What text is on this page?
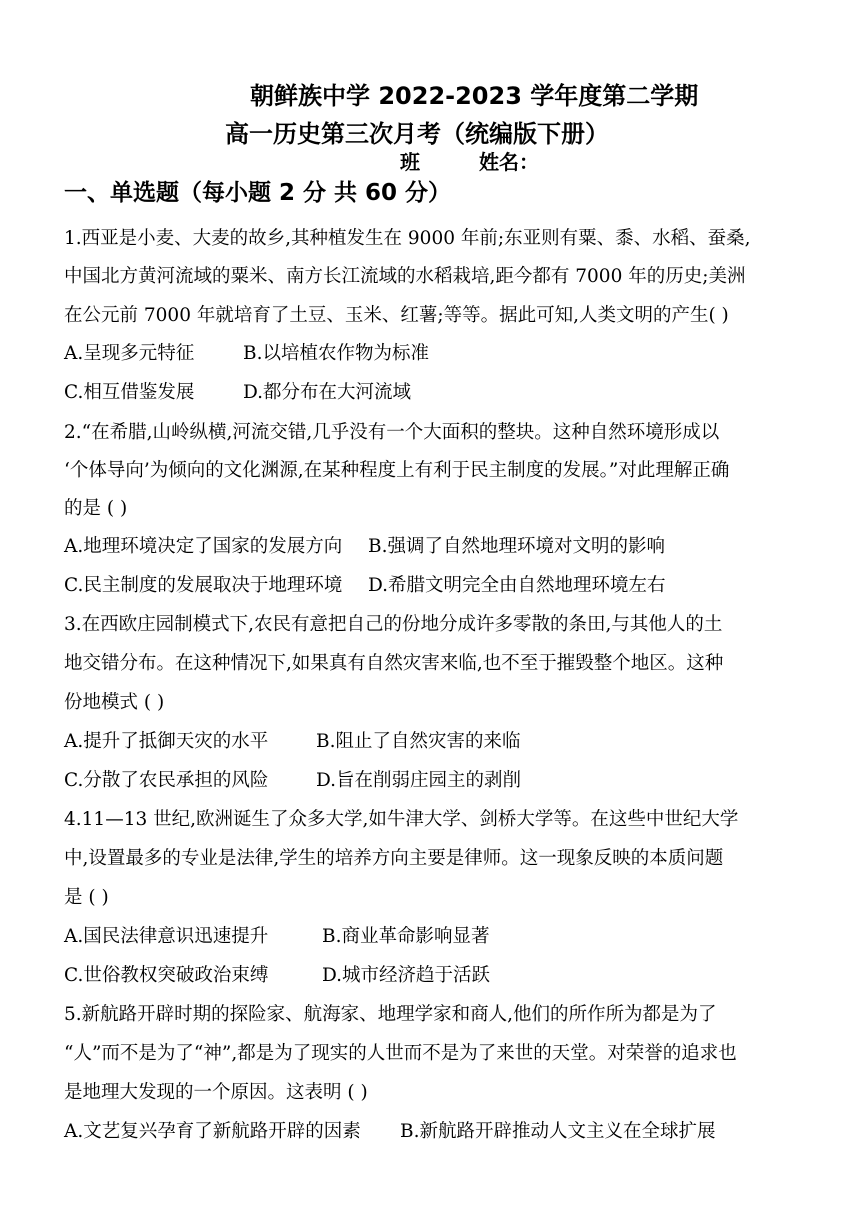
朝鲜族中学 2022-2023 学年度第二学期
高一历史第三次月考（统编版下册）
班	姓名：
一、单选题（每小题 2 分 共 60 分）
1.西亚是小麦、大麦的故乡,其种植发生在 9000 年前;东亚则有粟、黍、水稻、蚕桑,
中国北方黄河流域的粟米、南方长江流域的水稻栽培,距今都有 7000 年的历史;美洲
在公元前 7000 年就培育了土豆、玉米、红薯;等等。据此可知,人类文明的产生( )
A.呈现多元特征	B.以培植农作物为标准
C.相互借鉴发展	D.都分布在大河流域
2.“在希腊,山岭纵横,河流交错,几乎没有一个大面积的整块。这种自然环境形成以
‘个体导向’为倾向的文化渊源,在某种程度上有利于民主制度的发展。”对此理解正确
的是 ( )
A.地理环境决定了国家的发展方向 B.强调了自然地理环境对文明的影响
C.民主制度的发展取决于地理环境 D.希腊文明完全由自然地理环境左右
3.在西欧庄园制模式下,农民有意把自己的份地分成许多零散的条田,与其他人的土
地交错分布。在这种情况下,如果真有自然灾害来临,也不至于摧毁整个地区。这种
份地模式 ( )
A.提升了抵御天灾的水平	B.阻止了自然灾害的来临
C.分散了农民承担的风险	D.旨在削弱庄园主的剥削
4.11—13 世纪,欧洲诞生了众多大学,如牛津大学、剑桥大学等。在这些中世纪大学
中,设置最多的专业是法律,学生的培养方向主要是律师。这一现象反映的本质问题
是 ( )
A.国民法律意识迅速提升	B.商业革命影响显著
C.世俗教权突破政治束缚	D.城市经济趋于活跃
5.新航路开辟时期的探险家、航海家、地理学家和商人,他们的所作所为都是为了
“人”而不是为了“神”,都是为了现实的人世而不是为了来世的天堂。对荣誉的追求也
是地理大发现的一个原因。这表明 ( )
A.文艺复兴孕育了新航路开辟的因素 B.新航路开辟推动人文主义在全球扩展
